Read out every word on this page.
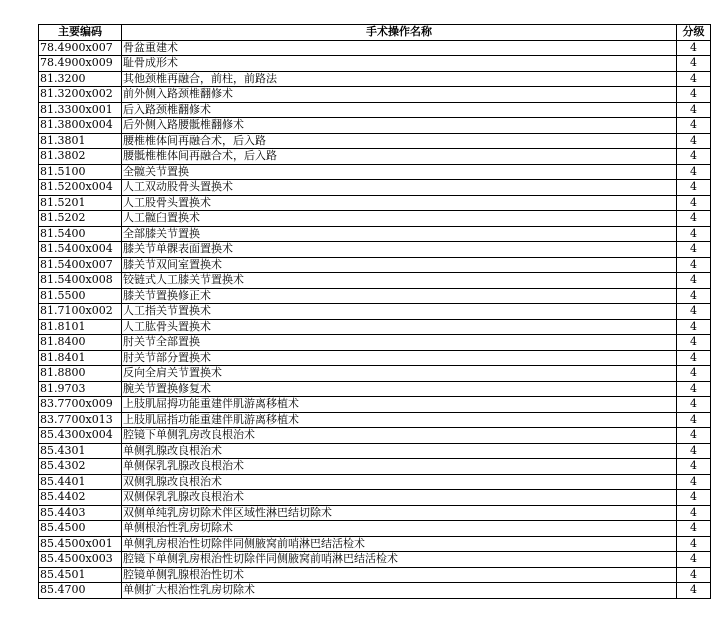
主要编码	手术操作名称	分级
78.4900x007	骨盆重建术	4
78.4900x009	耻骨成形术	4
81.3200	其他颈椎再融合，前柱，前路法	4
81.3200x002	前外侧入路颈椎翻修术	4
81.3300x001	后入路颈椎翻修术	4
81.3800x004	后外侧入路腰骶椎翻修术	4
81.3801	腰椎椎体间再融合术，后入路	4
81.3802	腰骶椎椎体间再融合术，后入路	4
81.5100	全髋关节置换	4
81.5200x004	人工双动股骨头置换术	4
81.5201	人工股骨头置换术	4
81.5202	人工髋臼置换术	4
81.5400	全部膝关节置换	4
81.5400x004	膝关节单髁表面置换术	4
81.5400x007	膝关节双间室置换术	4
81.5400x008	铰链式人工膝关节置换术	4
81.5500	膝关节置换修正术	4
81.7100x002	人工指关节置换术	4
81.8101	人工肱骨头置换术	4
81.8400	肘关节全部置换	4
81.8401	肘关节部分置换术	4
81.8800	反向全肩关节置换术	4
81.9703	腕关节置换修复术	4
83.7700x009	上肢肌屈拇功能重建伴肌游离移植术	4
83.7700x013	上肢肌屈指功能重建伴肌游离移植术	4
85.4300x004	腔镜下单侧乳房改良根治术	4
85.4301	单侧乳腺改良根治术	4
85.4302	单侧保乳乳腺改良根治术	4
85.4401	双侧乳腺改良根治术	4
85.4402	双侧保乳乳腺改良根治术	4
85.4403	双侧单纯乳房切除术伴区域性淋巴结切除术	4
85.4500	单侧根治性乳房切除术	4
85.4500x001	单侧乳房根治性切除伴同侧腋窝前哨淋巴结活检术	4
85.4500x003	腔镜下单侧乳房根治性切除伴同侧腋窝前哨淋巴结活检术	4
85.4501	腔镜单侧乳腺根治性切术	4
85.4700	单侧扩大根治性乳房切除术	4
